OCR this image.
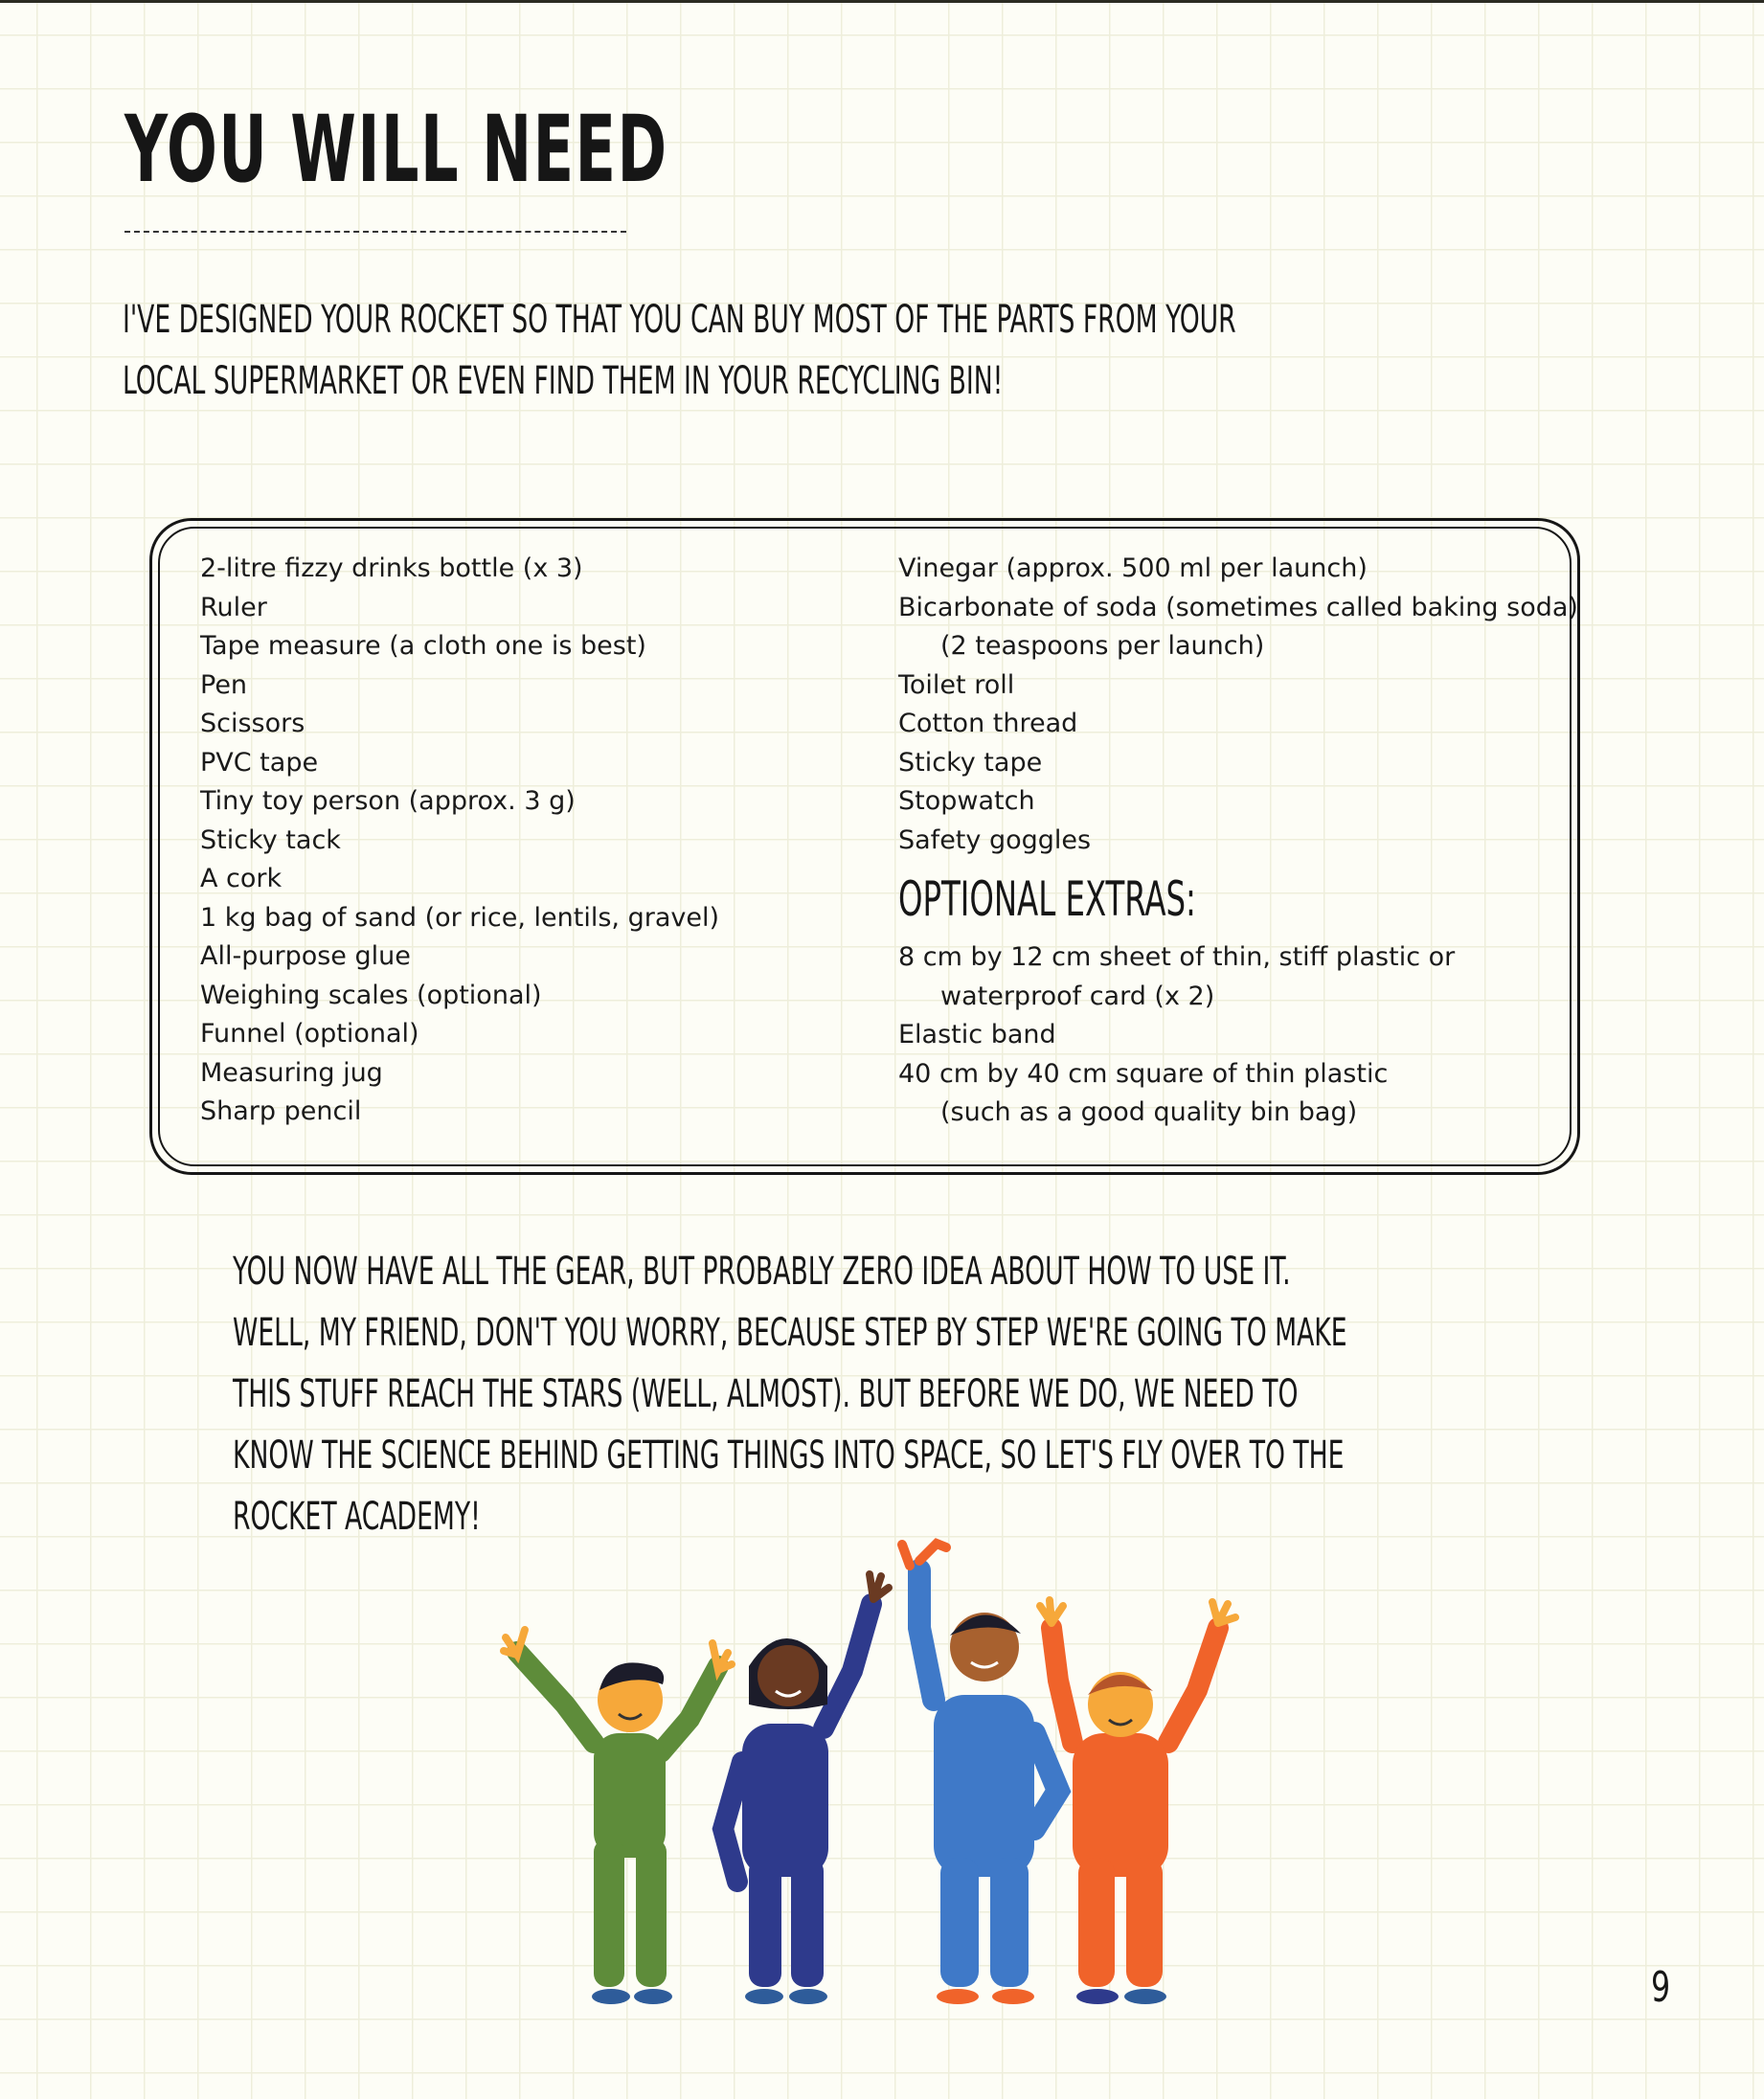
YOU WILL NEED

I'VE DESIGNED YOUR ROCKET SO THAT YOU CAN BUY MOST OF THE PARTS FROM YOUR LOCAL SUPERMARKET OR EVEN FIND THEM IN YOUR RECYCLING BIN!

2-litre fizzy drinks bottle (x 3)
Ruler
Tape measure (a cloth one is best)
Pen
Scissors
PVC tape
Tiny toy person (approx. 3 g)
Sticky tack
A cork
1 kg bag of sand (or rice, lentils, gravel)
All-purpose glue
Weighing scales (optional)
Funnel (optional)
Measuring jug
Sharp pencil
Vinegar (approx. 500 ml per launch)
Bicarbonate of soda (sometimes called baking soda)
(2 teaspoons per launch)
Toilet roll
Cotton thread
Sticky tape
Stopwatch
Safety goggles
OPTIONAL EXTRAS:
8 cm by 12 cm sheet of thin, stiff plastic or
waterproof card (x 2)
Elastic band
40 cm by 40 cm square of thin plastic
(such as a good quality bin bag)

YOU NOW HAVE ALL THE GEAR, BUT PROBABLY ZERO IDEA ABOUT HOW TO USE IT. WELL, MY FRIEND, DON'T YOU WORRY, BECAUSE STEP BY STEP WE'RE GOING TO MAKE THIS STUFF REACH THE STARS (WELL, ALMOST). BUT BEFORE WE DO, WE NEED TO KNOW THE SCIENCE BEHIND GETTING THINGS INTO SPACE, SO LET'S FLY OVER TO THE ROCKET ACADEMY!

9
